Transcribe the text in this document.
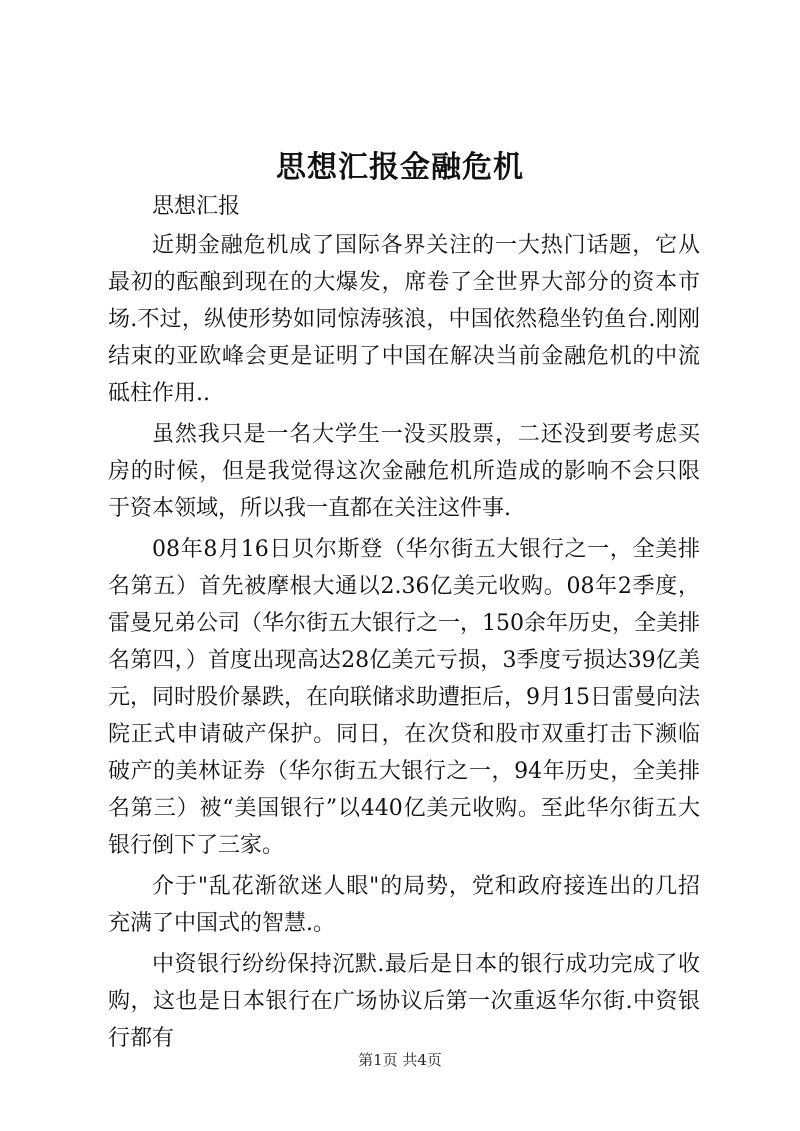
思想汇报金融危机

思想汇报

近期金融危机成了国际各界关注的一大热门话题，它从最初的酝酿到现在的大爆发，席卷了全世界大部分的资本市场.不过，纵使形势如同惊涛骇浪，中国依然稳坐钓鱼台.刚刚结束的亚欧峰会更是证明了中国在解决当前金融危机的中流砥柱作用..

虽然我只是一名大学生一没买股票，二还没到要考虑买房的时候，但是我觉得这次金融危机所造成的影响不会只限于资本领域，所以我一直都在关注这件事.

08年8月16日贝尔斯登（华尔街五大银行之一，全美排名第五）首先被摩根大通以2.36亿美元收购。08年2季度，雷曼兄弟公司（华尔街五大银行之一，150余年历史，全美排名第四，）首度出现高达28亿美元亏损，3季度亏损达39亿美元，同时股价暴跌，在向联储求助遭拒后，9月15日雷曼向法院正式申请破产保护。同日，在次贷和股市双重打击下濒临破产的美林证券（华尔街五大银行之一，94年历史，全美排名第三）被“美国银行”以440亿美元收购。至此华尔街五大银行倒下了三家。

介于"乱花渐欲迷人眼"的局势，党和政府接连出的几招充满了中国式的智慧.。

中资银行纷纷保持沉默.最后是日本的银行成功完成了收购，这也是日本银行在广场协议后第一次重返华尔街.中资银行都有

第1页 共4页
